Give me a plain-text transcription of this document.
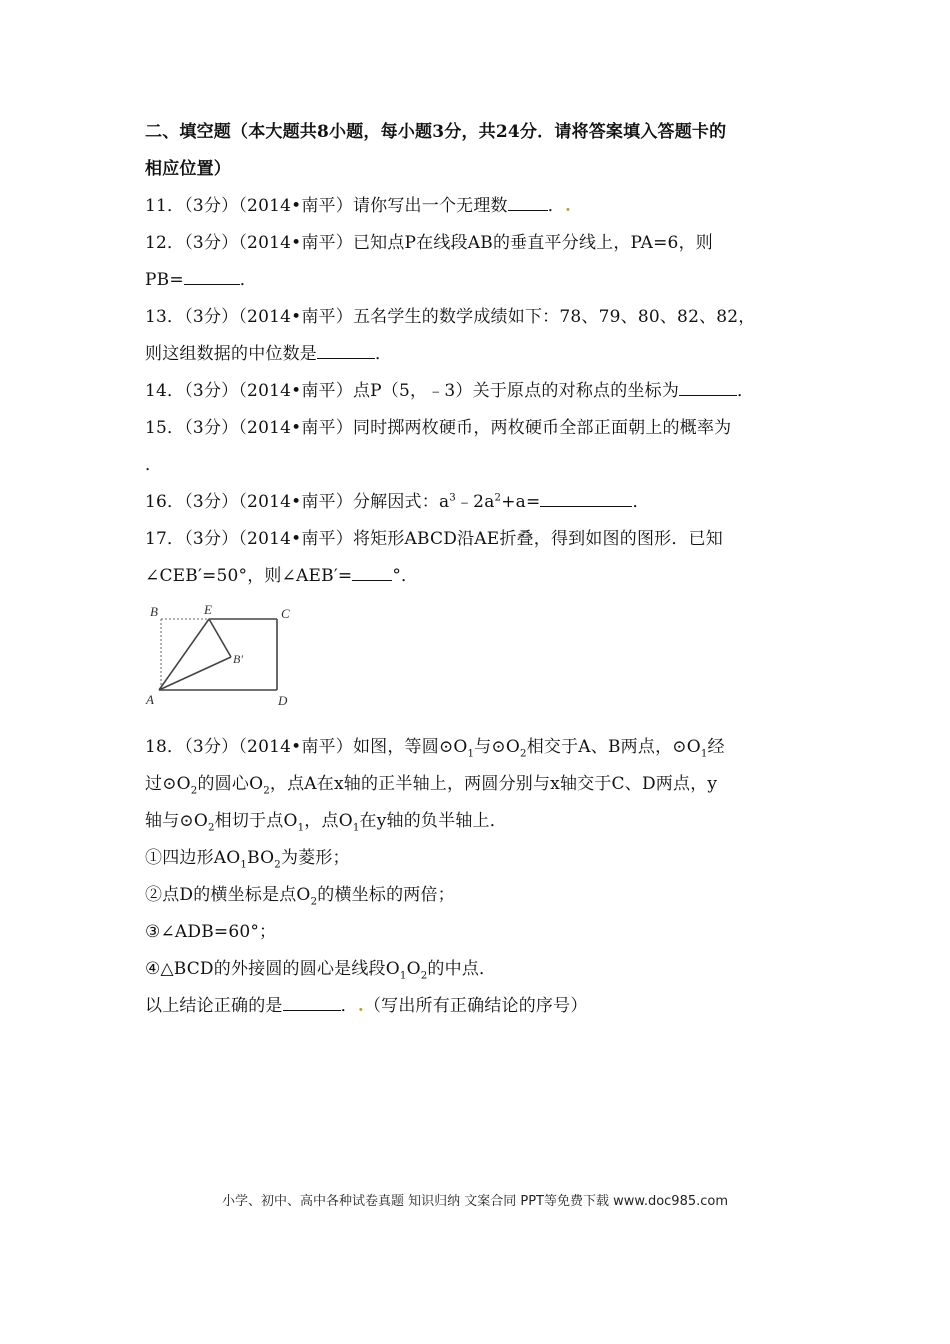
二、填空题（本大题共8小题，每小题3分，共24分．请将答案填入答题卡的
相应位置）
11．（3分）（2014•南平）请你写出一个无理数 ．.
12．（3分）（2014•南平）已知点P在线段AB的垂直平分线上，PA=6，则
PB=	．
13．（3分）（2014•南平）五名学生的数学成绩如下：78、79、80、82、82，
则这组数据的中位数是	．
14．（3分）（2014•南平）点P（5，﹣3）关于原点的对称点的坐标为	．
15．（3分）（2014•南平）同时掷两枚硬币，两枚硬币全部正面朝上的概率为
．
16．（3分）（2014•南平）分解因式：$a^3﹣2a^2+a=$	．
17．（3分）（2014•南平）将矩形ABCD沿AE折叠，得到如图的图形．已知
∠CEB′=50°，则∠AEB′= °．
B	E	C
B′
A	D
18．（3分）（2014•南平）如图，等圆$⊙O_1$与$⊙O_2$相交于A、B两点，$⊙O_1$经
过$⊙O_2$的圆心$O_2$，点A在x轴的正半轴上，两圆分别与x轴交于C、D两点，y
轴与$⊙O_2$相切于点$O_1$，点$O_1$在y轴的负半轴上．
①四边形$AO_1BO_2$为菱形；
②点D的横坐标是点$O_2$的横坐标的两倍；
③∠ADB=60°；
④△BCD的外接圆的圆心是线段$O_1O_2$的中点．
以上结论正确的是	．.（写出所有正确结论的序号）
小学、初中、高中各种试卷真题 知识归纳 文案合同 PPT等免费下载 www.doc985.com
